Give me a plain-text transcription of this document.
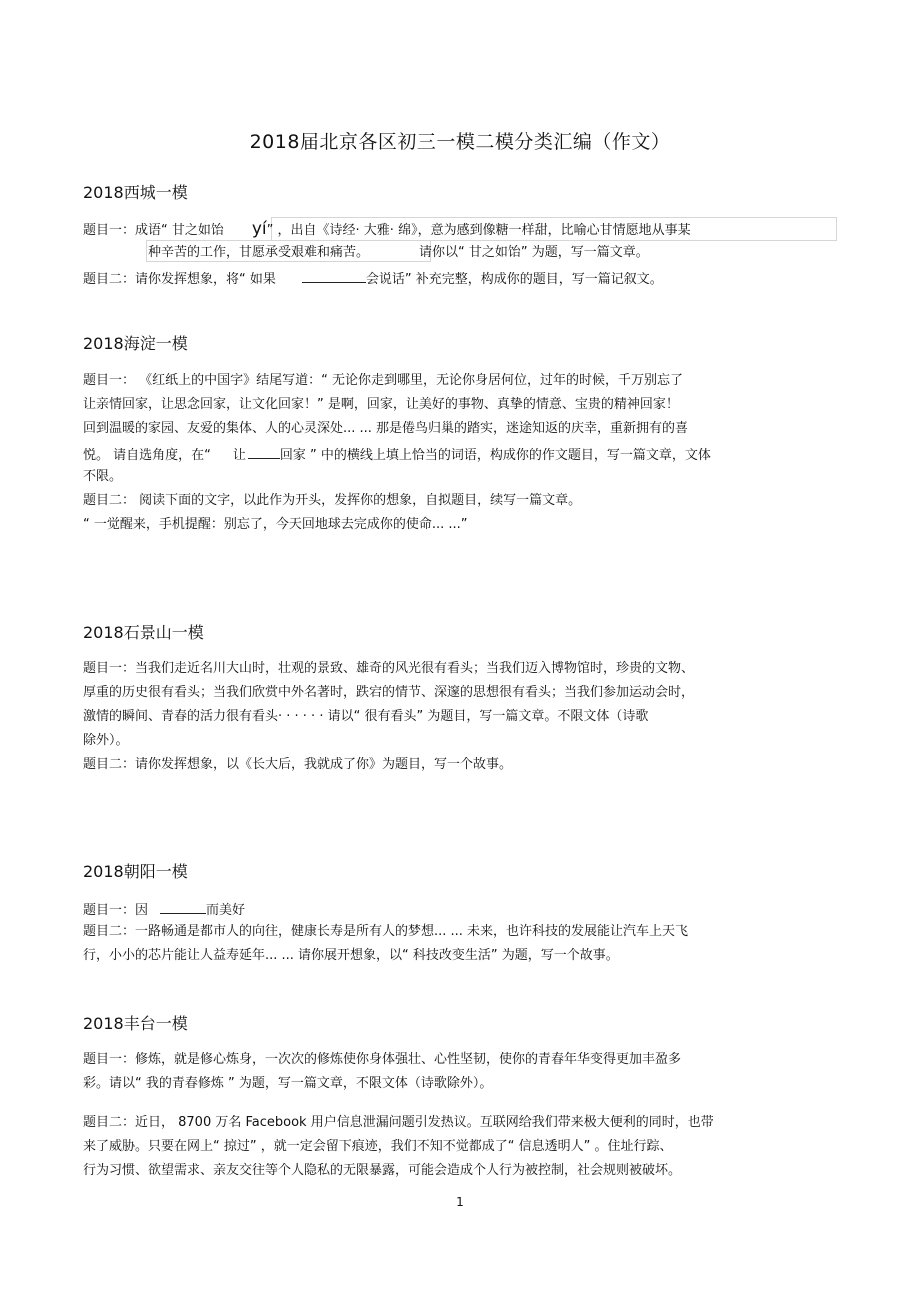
2018届北京各区初三一模二模分类汇编（作文）
2018西城一模
题目一：成语“ 甘之如饴 yí” ，出自《诗经· 大雅· 绵》，意为感到像糖一样甜，比喻心甘情愿地从事某
种辛苦的工作，甘愿承受艰难和痛苦。	请你以“ 甘之如饴” 为题，写一篇文章。
题目二：请你发挥想象，将“ 如果	会说话” 补充完整，构成你的题目，写一篇记叙文。
2018海淀一模
题目一： 《红纸上的中国字》结尾写道：“ 无论你走到哪里，无论你身居何位，过年的时候，千万别忘了
让亲情回家，让思念回家，让文化回家！” 是啊，回家，让美好的事物、真挚的情意、宝贵的精神回家！
回到温暖的家园、友爱的集体、人的心灵深处... ... 那是倦鸟归巢的踏实，迷途知返的庆幸，重新拥有的喜
悦。 请自选角度，在“ 让	回家 ” 中的横线上填上恰当的词语，构成你的作文题目，写一篇文章，文体
不限。
题目二： 阅读下面的文字，以此作为开头，发挥你的想象，自拟题目，续写一篇文章。
“ 一觉醒来，手机提醒：别忘了，今天回地球去完成你的使命... ...”
2018石景山一模
题目一：当我们走近名川大山时，壮观的景致、雄奇的风光很有看头；当我们迈入博物馆时，珍贵的文物、
厚重的历史很有看头；当我们欣赏中外名著时，跌宕的情节、深邃的思想很有看头；当我们参加运动会时，
激情的瞬间、青春的活力很有看头· · · · · · 请以“ 很有看头” 为题目，写一篇文章。不限文体（诗歌
除外）。
题目二：请你发挥想象，以《长大后，我就成了你》为题目，写一个故事。
2018朝阳一模
题目一：因	而美好
题目二：一路畅通是都市人的向往，健康长寿是所有人的梦想... ... 未来，也许科技的发展能让汽车上天飞
行，小小的芯片能让人益寿延年... ... 请你展开想象，以“ 科技改变生活” 为题，写一个故事。
2018丰台一模
题目一：修炼，就是修心炼身，一次次的修炼使你身体强壮、心性坚韧，使你的青春年华变得更加丰盈多
彩。请以“ 我的青春修炼 ” 为题，写一篇文章，不限文体（诗歌除外）。
题目二：近日， 8700 万名 Facebook 用户信息泄漏问题引发热议。互联网给我们带来极大便利的同时，也带
来了威胁。只要在网上“ 掠过” ，就一定会留下痕迹，我们不知不觉都成了“ 信息透明人” 。住址行踪、
行为习惯、欲望需求、亲友交往等个人隐私的无限暴露，可能会造成个人行为被控制，社会规则被破坏。
1
